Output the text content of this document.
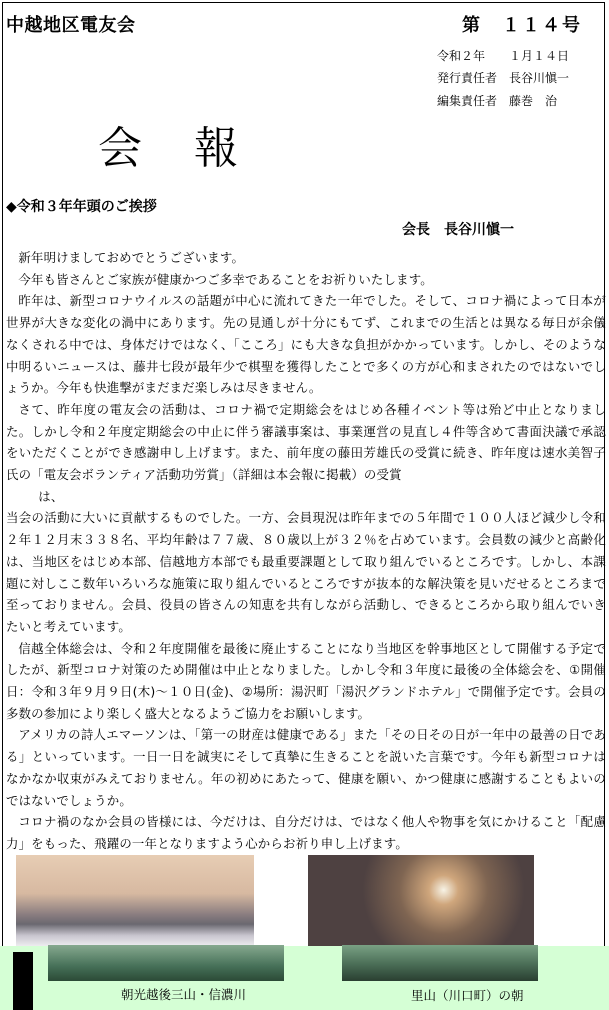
中越地区電友会	第　１１４号
令和２年　　１月１４日
発行責任者　長谷川愼一
編集責任者　藤巻　治
会　報
◆令和３年年頭のご挨拶
会長　長谷川愼一

新年明けましておめでとうございます。

今年も皆さんとご家族が健康かつご多幸であることをお祈りいたします。

昨年は、新型コロナウイルスの話題が中心に流れてきた一年でした。そして、コロナ禍によって日本が世界が大きな変化の渦中にあります。先の見通しが十分にもてず、これまでの生活とは異なる毎日が余儀なくされる中では、身体だけではなく、「こころ」にも大きな負担がかかっています。しかし、そのような中明るいニュースは、藤井七段が最年少で棋聖を獲得したことで多くの方が心和まされたのではないでしょうか。今年も快進撃がまだまだ楽しみは尽きません。

さて、昨年度の電友会の活動は、コロナ禍で定期総会をはじめ各種イベント等は殆ど中止となりました。しかし令和２年度定期総会の中止に伴う審議事案は、事業運営の見直し４件等含めて書面決議で承認をいただくことができ感謝申し上げます。また、前年度の藤田芳雄氏の受賞に続き、昨年度は速水美智子氏の「電友会ボランティア活動功労賞」（詳細は本会報に掲載）の受賞

は、

当会の活動に大いに貢献するものでした。一方、会員現況は昨年までの５年間で１００人ほど減少し令和２年１２月末３３８名、平均年齢は７７歳、８０歳以上が３２％を占めています。会員数の減少と高齢化は、当地区をはじめ本部、信越地方本部でも最重要課題として取り組んでいるところです。しかし、本課題に対しここ数年いろいろな施策に取り組んでいるところですが抜本的な解決策を見いだせるところまで至っておりません。会員、役員の皆さんの知恵を共有しながら活動し、できるところから取り組んでいきたいと考えています。

信越全体総会は、令和２年度開催を最後に廃止することになり当地区を幹事地区として開催する予定でしたが、新型コロナ対策のため開催は中止となりました。しかし令和３年度に最後の全体総会を、①開催日：令和３年９月９日(木)～１０日(金)、②場所：湯沢町「湯沢グランドホテル」で開催予定です。会員の多数の参加により楽しく盛大となるようご協力をお願いします。

アメリカの詩人エマーソンは、「第一の財産は健康である」また「その日その日が一年中の最善の日である」といっています。一日一日を誠実にそして真摯に生きることを説いた言葉です。今年も新型コロナはなかなか収束がみえておりません。年の初めにあたって、健康を願い、かつ健康に感謝することもよいのではないでしょうか。

コロナ禍のなか会員の皆様には、今だけは、自分だけは、ではなく他人や物事を気にかけること「配慮力」をもった、飛躍の一年となりますよう心からお祈り申し上げます。

朝光越後三山・信濃川	里山（川口町）の朝
